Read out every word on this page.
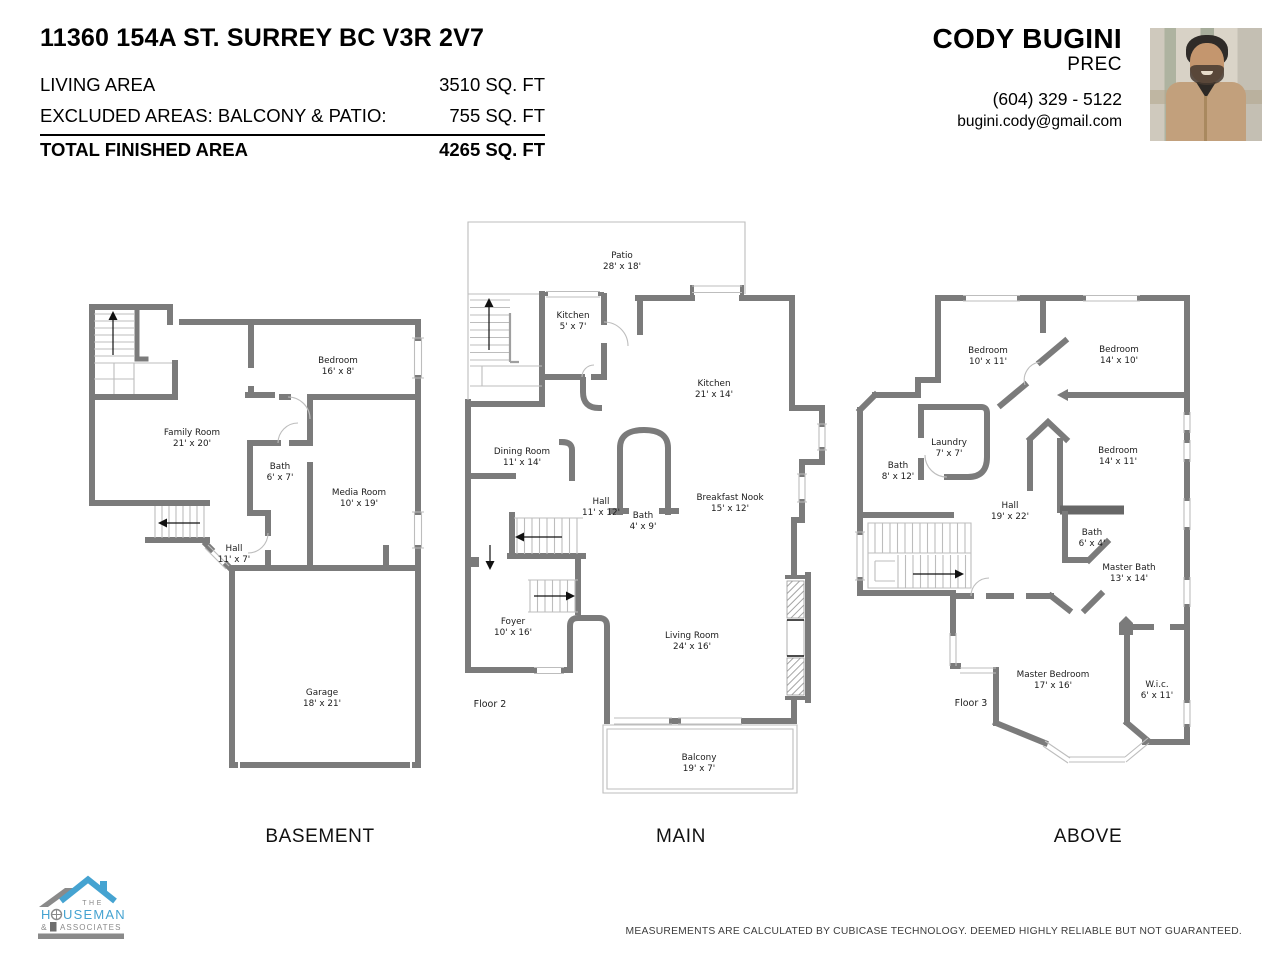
11360 154A ST. SURREY BC V3R 2V7
LIVING AREA	3510 SQ. FT
EXCLUDED AREAS: BALCONY & PATIO:	755 SQ. FT
TOTAL FINISHED AREA	4265 SQ. FT
CODY BUGINI
PREC
(604) 329 - 5122
bugini.cody@gmail.com
Bedroom
16' x 8'
Family Room
21' x 20'
Bath
6' x 7'
Media Room
10' x 19'
Hall
11' x 7'
Garage
18' x 21'
Patio
28' x 18'
Kitchen
5' x 7'
Kitchen
21' x 14'
Dining Room
11' x 14'
Hall
11' x 12' Bath
4' x 9'
Breakfast Nook
15' x 12'
Foyer
10' x 16'	Living Room
24' x 16'
Balcony
19' x 7'
Floor 2
Bedroom
10' x 11'
Bedroom
14' x 10'
Bedroom
14' x 11'
Laundry
7' x 7'
Bath
8' x 12'
Hall
19' x 22'
Bath
6' x 4'
Master Bath
13' x 14'
Master Bedroom
17' x 16'	W.i.c.
6' x 11'
Floor 3
BASEMENT	MAIN	ABOVE
THE
H USEMAN
& ASSOCIATES	MEASUREMENTS ARE CALCULATED BY CUBICASE TECHNOLOGY. DEEMED HIGHLY RELIABLE BUT NOT GUARANTEED.
